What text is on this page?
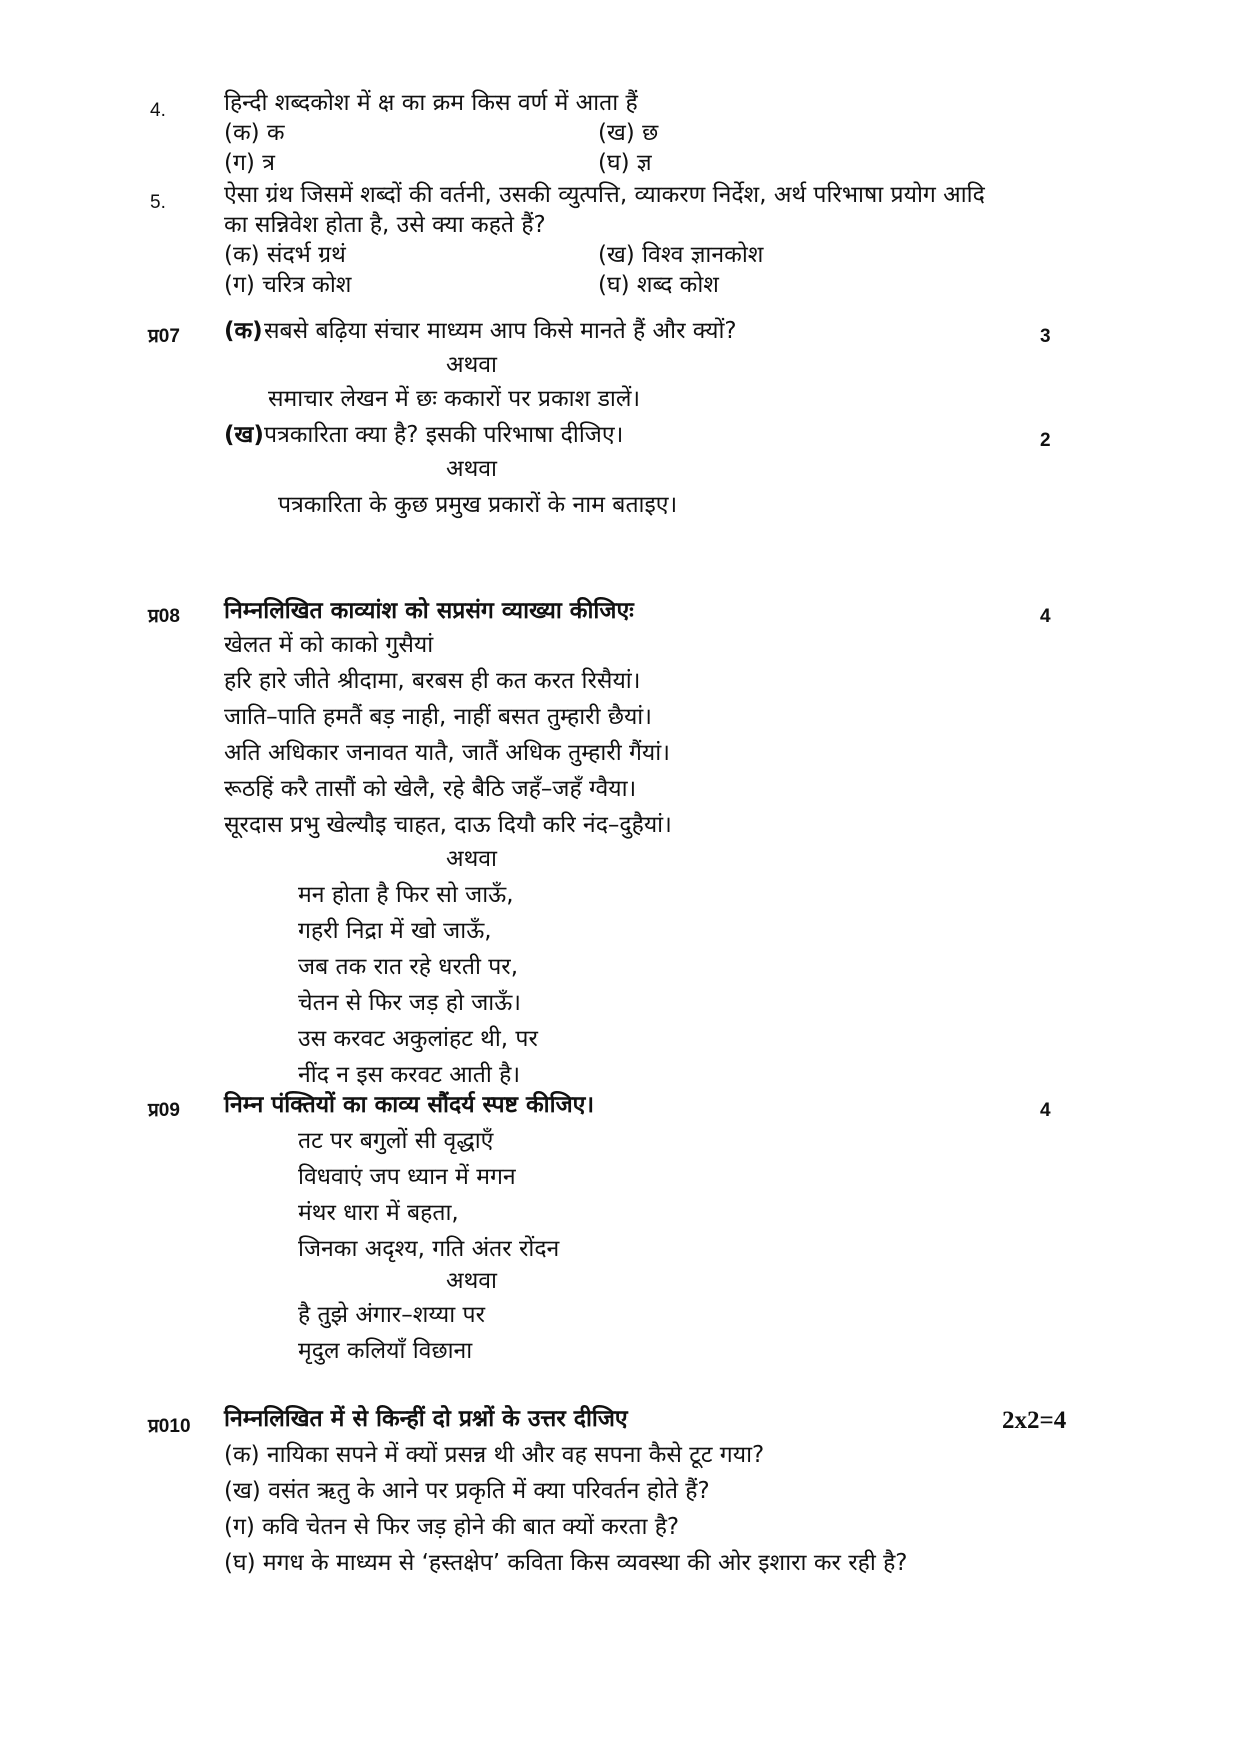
4.	हिन्दी शब्दकोश में क्ष का क्रम किस वर्ण में आता हैं
(क) क	(ख) छ
(ग) त्र	(घ) ज्ञ
5.	ऐसा ग्रंथ जिसमें शब्दों की वर्तनी, उसकी व्युत्पत्ति, व्याकरण निर्देश, अर्थ परिभाषा प्रयोग आदि
का सन्निवेश होता है, उसे क्या कहते हैं?
(क) संदर्भ ग्रथं	(ख) विश्व ज्ञानकोश
(ग) चरित्र कोश	(घ) शब्द कोश
प्र07 (क) सबसे बढ़िया संचार माध्यम आप किसे मानते हैं और क्यों?	3
अथवा
समाचार लेखन में छः ककारों पर प्रकाश डालें।
(ख) पत्रकारिता क्या है? इसकी परिभाषा दीजिए।	2
अथवा
पत्रकारिता के कुछ प्रमुख प्रकारों के नाम बताइए।
प्र08 निम्नलिखित काव्यांश को सप्रसंग व्याख्या कीजिएः	4
खेलत में को काको गुसैयां
हरि हारे जीते श्रीदामा, बरबस ही कत करत रिसैयां।
जाति–पाति हमतैं बड़ नाही, नाहीं बसत तुम्हारी छैयां।
अति अधिकार जनावत यातै, जातैं अधिक तुम्हारी गैंयां।
रूठहिं करै तासौं को खेलै, रहे बैठि जहँ–जहँ ग्वैया।
सूरदास प्रभु खेल्यौइ चाहत, दाऊ दियौ करि नंद–दुहैयां।
अथवा
मन होता है फिर सो जाऊँ,
गहरी निद्रा में खो जाऊँ,
जब तक रात रहे धरती पर,
चेतन से फिर जड़ हो जाऊँ।
उस करवट अकुलांहट थी, पर
नींद न इस करवट आती है।
प्र09 निम्न पंक्तियों का काव्य सौंदर्य स्पष्ट कीजिए।	4
तट पर बगुलों सी वृद्धाएँ
विधवाएं जप ध्यान में मगन
मंथर धारा में बहता,
जिनका अदृश्य, गति अंतर रोंदन
अथवा
है तुझे अंगार–शय्या पर
मृदुल कलियाँ विछाना
प्र010 निम्नलिखित में से किन्हीं दो प्रश्नों के उत्तर दीजिए	2x2=4
(क) नायिका सपने में क्यों प्रसन्न थी और वह सपना कैसे टूट गया?
(ख) वसंत ऋतु के आने पर प्रकृति में क्या परिवर्तन होते हैं?
(ग) कवि चेतन से फिर जड़ होने की बात क्यों करता है?
(घ) मगध के माध्यम से ‘हस्तक्षेप’ कविता किस व्यवस्था की ओर इशारा कर रही है?
